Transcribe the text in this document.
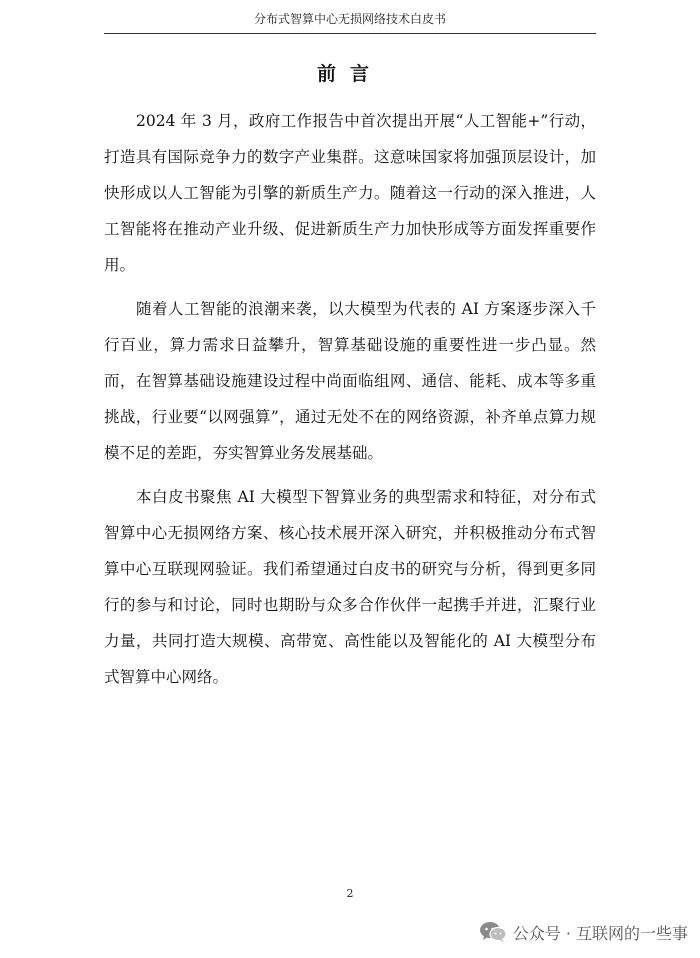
分布式智算中心无损网络技术白皮书
前言

2024 年 3 月，政府工作报告中首次提出开展“人工智能+”行动，打造具有国际竞争力的数字产业集群。这意味国家将加强顶层设计，加快形成以人工智能为引擎的新质生产力。随着这一行动的深入推进，人工智能将在推动产业升级、促进新质生产力加快形成等方面发挥重要作用。

随着人工智能的浪潮来袭，以大模型为代表的 AI 方案逐步深入千行百业，算力需求日益攀升，智算基础设施的重要性进一步凸显。然而，在智算基础设施建设过程中尚面临组网、通信、能耗、成本等多重挑战，行业要“以网强算”，通过无处不在的网络资源，补齐单点算力规模不足的差距，夯实智算业务发展基础。

本白皮书聚焦 AI 大模型下智算业务的典型需求和特征，对分布式智算中心无损网络方案、核心技术展开深入研究，并积极推动分布式智算中心互联现网验证。我们希望通过白皮书的研究与分析，得到更多同行的参与和讨论，同时也期盼与众多合作伙伴一起携手并进，汇聚行业力量，共同打造大规模、高带宽、高性能以及智能化的 AI 大模型分布式智算中心网络。

2
公众号 · 互联网的一些事
